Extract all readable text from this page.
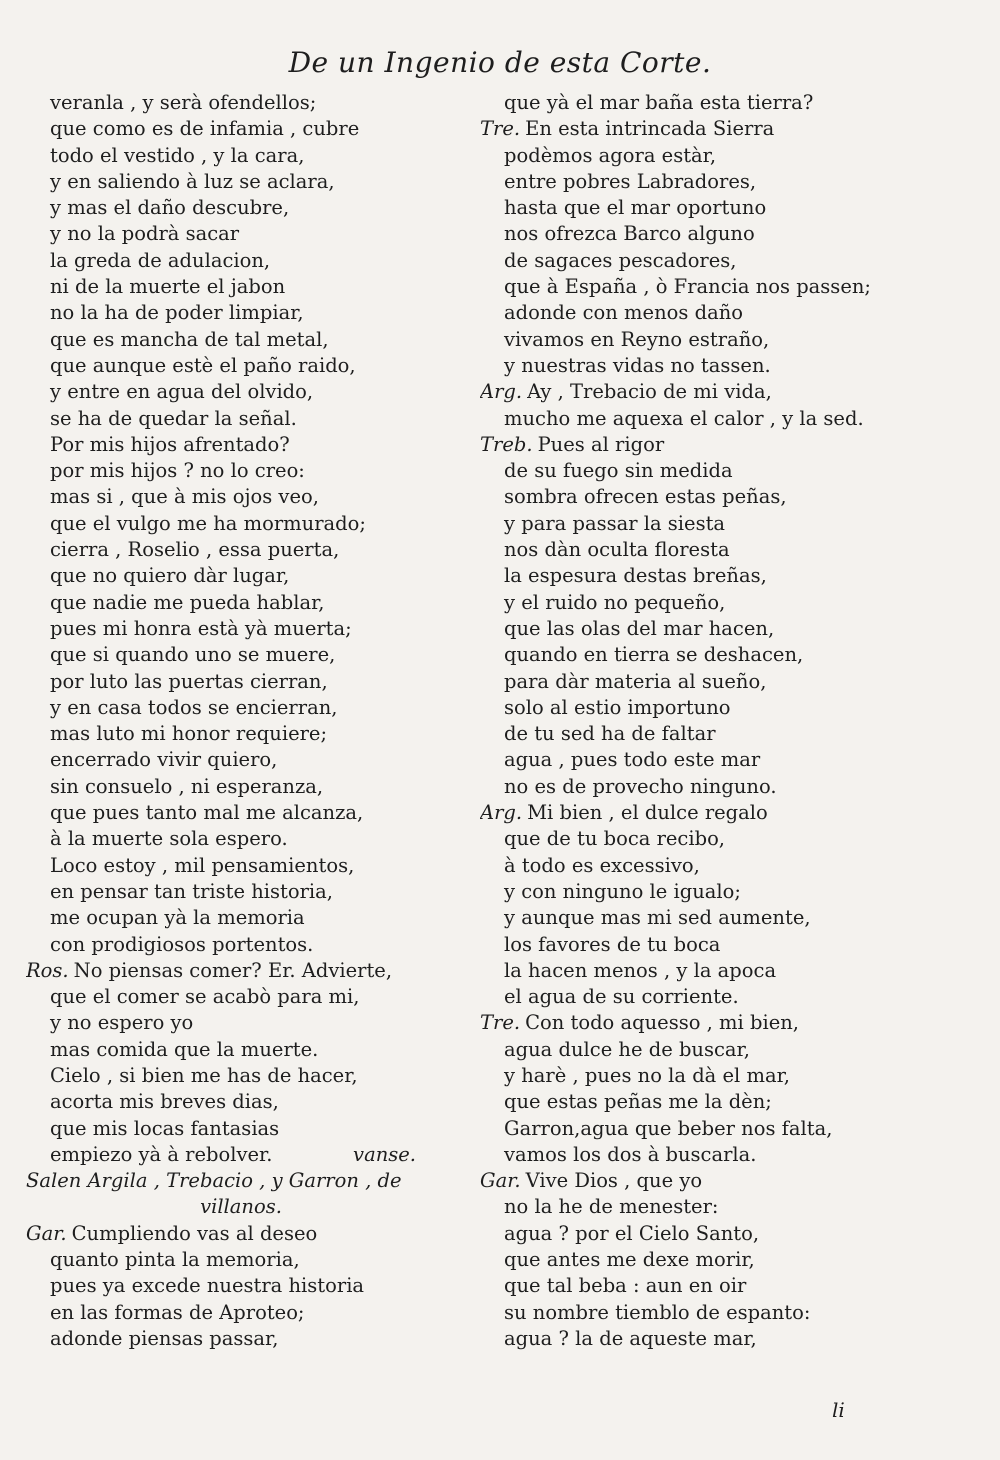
De un Ingenio de esta Corte.
veranla , y serà ofendellos;
que como es de infamia , cubre
todo el vestido , y la cara,
y en saliendo à luz se aclara,
y mas el daño descubre,
y no la podrà sacar
la greda de adulacion,
ni de la muerte el jabon
no la ha de poder limpiar,
que es mancha de tal metal,
que aunque estè el paño raido,
y entre en agua del olvido,
se ha de quedar la señal.
Por mis hijos afrentado?
por mis hijos ? no lo creo:
mas si , que à mis ojos veo,
que el vulgo me ha mormurado;
cierra , Roselio , essa puerta,
que no quiero dàr lugar,
que nadie me pueda hablar,
pues mi honra està yà muerta;
que si quando uno se muere,
por luto las puertas cierran,
y en casa todos se encierran,
mas luto mi honor requiere;
encerrado vivir quiero,
sin consuelo , ni esperanza,
que pues tanto mal me alcanza,
à la muerte sola espero.
Loco estoy , mil pensamientos,
en pensar tan triste historia,
me ocupan yà la memoria
con prodigiosos portentos.
Ros. No piensas comer? Er. Advierte,
que el comer se acabò para mi,
y no espero yo
mas comida que la muerte.
Cielo , si bien me has de hacer,
acorta mis breves dias,
que mis locas fantasias
empiezo yà à rebolver.	vanse.
Salen Argila , Trebacio , y Garron , de
villanos.
Gar. Cumpliendo vas al deseo
quanto pinta la memoria,
pues ya excede nuestra historia
en las formas de Aproteo;
adonde piensas passar,
que yà el mar baña esta tierra?
Tre. En esta intrincada Sierra
podèmos agora estàr,
entre pobres Labradores,
hasta que el mar oportuno
nos ofrezca Barco alguno
de sagaces pescadores,
que à España , ò Francia nos passen;
adonde con menos daño
vivamos en Reyno estraño,
y nuestras vidas no tassen.
Arg. Ay , Trebacio de mi vida,
mucho me aquexa el calor , y la sed.
Treb. Pues al rigor
de su fuego sin medida
sombra ofrecen estas peñas,
y para passar la siesta
nos dàn oculta floresta
la espesura destas breñas,
y el ruido no pequeño,
que las olas del mar hacen,
quando en tierra se deshacen,
para dàr materia al sueño,
solo al estio importuno
de tu sed ha de faltar
agua , pues todo este mar
no es de provecho ninguno.
Arg. Mi bien , el dulce regalo
que de tu boca recibo,
à todo es excessivo,
y con ninguno le igualo;
y aunque mas mi sed aumente,
los favores de tu boca
la hacen menos , y la apoca
el agua de su corriente.
Tre. Con todo aquesso , mi bien,
agua dulce he de buscar,
y harè , pues no la dà el mar,
que estas peñas me la dèn;
Garron,agua que beber nos falta,
vamos los dos à buscarla.
Gar. Vive Dios , que yo
no la he de menester:
agua ? por el Cielo Santo,
que antes me dexe morir,
que tal beba : aun en oir
su nombre tiemblo de espanto:
agua ? la de aqueste mar,
li
